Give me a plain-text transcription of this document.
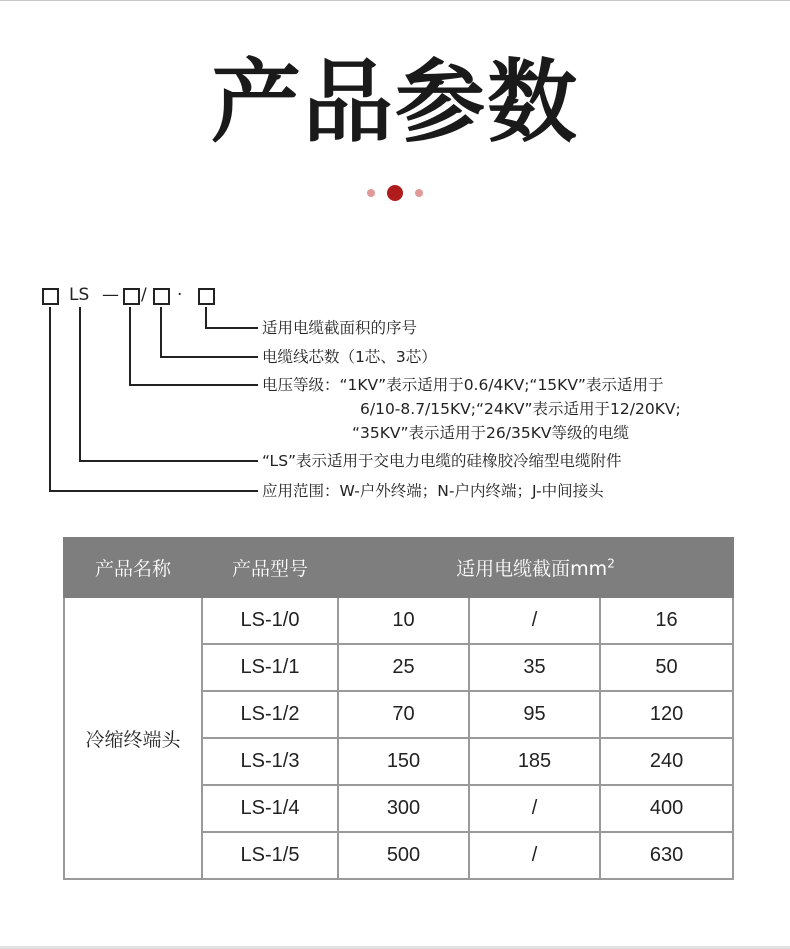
产品参数
LS — / ·
适用电缆截面积的序号
电缆线芯数（1芯、3芯）
电压等级：“1KV”表示适用于0.6/4KV;“15KV”表示适用于
6/10-8.7/15KV;“24KV”表示适用于12/20KV;
“35KV”表示适用于26/35KV等级的电缆
“LS”表示适用于交电力电缆的硅橡胶冷缩型电缆附件
应用范围：W-户外终端；N-户内终端；J-中间接头
产品名称	产品型号	适用电缆截面$mm^2$
冷缩终端头	LS-1/0	10	/	16
	LS-1/1	25	35	50
	LS-1/2	70	95	120
	LS-1/3	150	185	240
	LS-1/4	300	/	400
	LS-1/5	500	/	630
